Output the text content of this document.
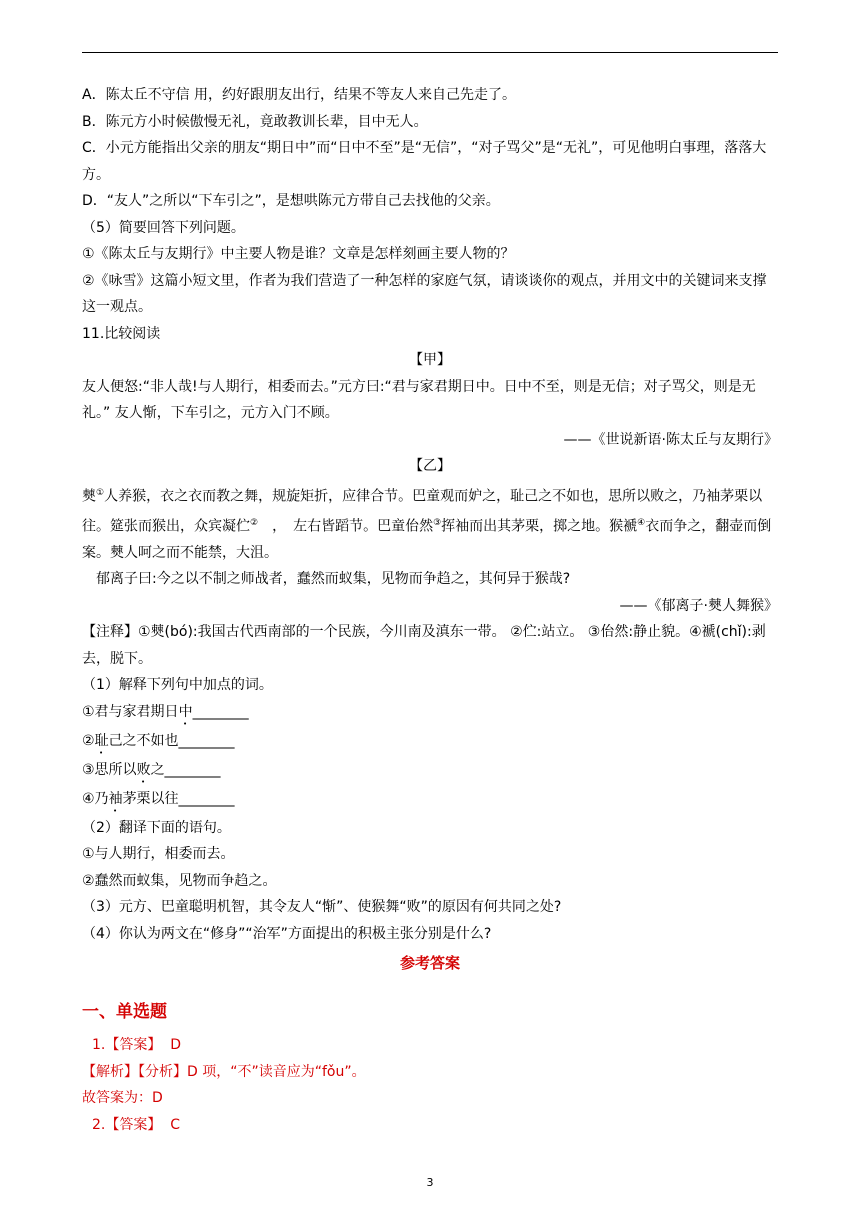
A．陈太丘不守信 用，约好跟朋友出行，结果不等友人来自己先走了。

B．陈元方小时候傲慢无礼，竟敢教训长辈，目中无人。

C．小元方能指出父亲的朋友“期日中”而“日中不至”是“无信”，“对子骂父”是“无礼”，可见他明白事理，落落大方。

D．“友人”之所以“下车引之”，是想哄陈元方带自己去找他的父亲。

（5）简要回答下列问题。

①《陈太丘与友期行》中主要人物是谁？文章是怎样刻画主要人物的？

②《咏雪》这篇小短文里，作者为我们营造了一种怎样的家庭气氛，请谈谈你的观点，并用文中的关键词来支撑这一观点。

11.比较阅读

【甲】

友人便怒:“非人哉!与人期行，相委而去。”元方曰:“君与家君期日中。日中不至，则是无信；对子骂父，则是无礼。” 友人惭，下车引之，元方入门不顾。

——《世说新语·陈太丘与友期行》

【乙】

僰①人养猴，衣之衣而教之舞，规旋矩折，应律合节。巴童观而妒之，耻己之不如也，思所以败之，乃袖茅栗以往。筵张而猴出，众宾凝伫②　，　左右皆蹈节。巴童佁然③挥袖而出其茅栗，掷之地。猴褫④衣而争之，翻壶而倒案。僰人呵之而不能禁，大沮。

郁离子曰:今之以不制之师战者，蠢然而蚁集，见物而争趋之，其何异于猴哉?

——《郁离子·僰人舞猴》

【注释】①僰(bó):我国古代西南部的一个民族，今川南及滇东一带。 ②伫:站立。 ③佁然:静止貌。④褫(chǐ):剥去，脱下。

（1）解释下列句中加点的词。

①君与家君期日中________

②耻己之不如也________

③思所以败之________

④乃袖茅栗以往________

（2）翻译下面的语句。

①与人期行，相委而去。

②蠢然而蚁集，见物而争趋之。

（3）元方、巴童聪明机智，其令友人“惭”、使猴舞“败”的原因有何共同之处?

（4）你认为两文在“修身”“治军”方面提出的积极主张分别是什么?

参考答案

一、单选题

1.【答案】 D

【解析】【分析】D 项，“不”读音应为“fǒu”。

故答案为：D

2.【答案】 C

3
